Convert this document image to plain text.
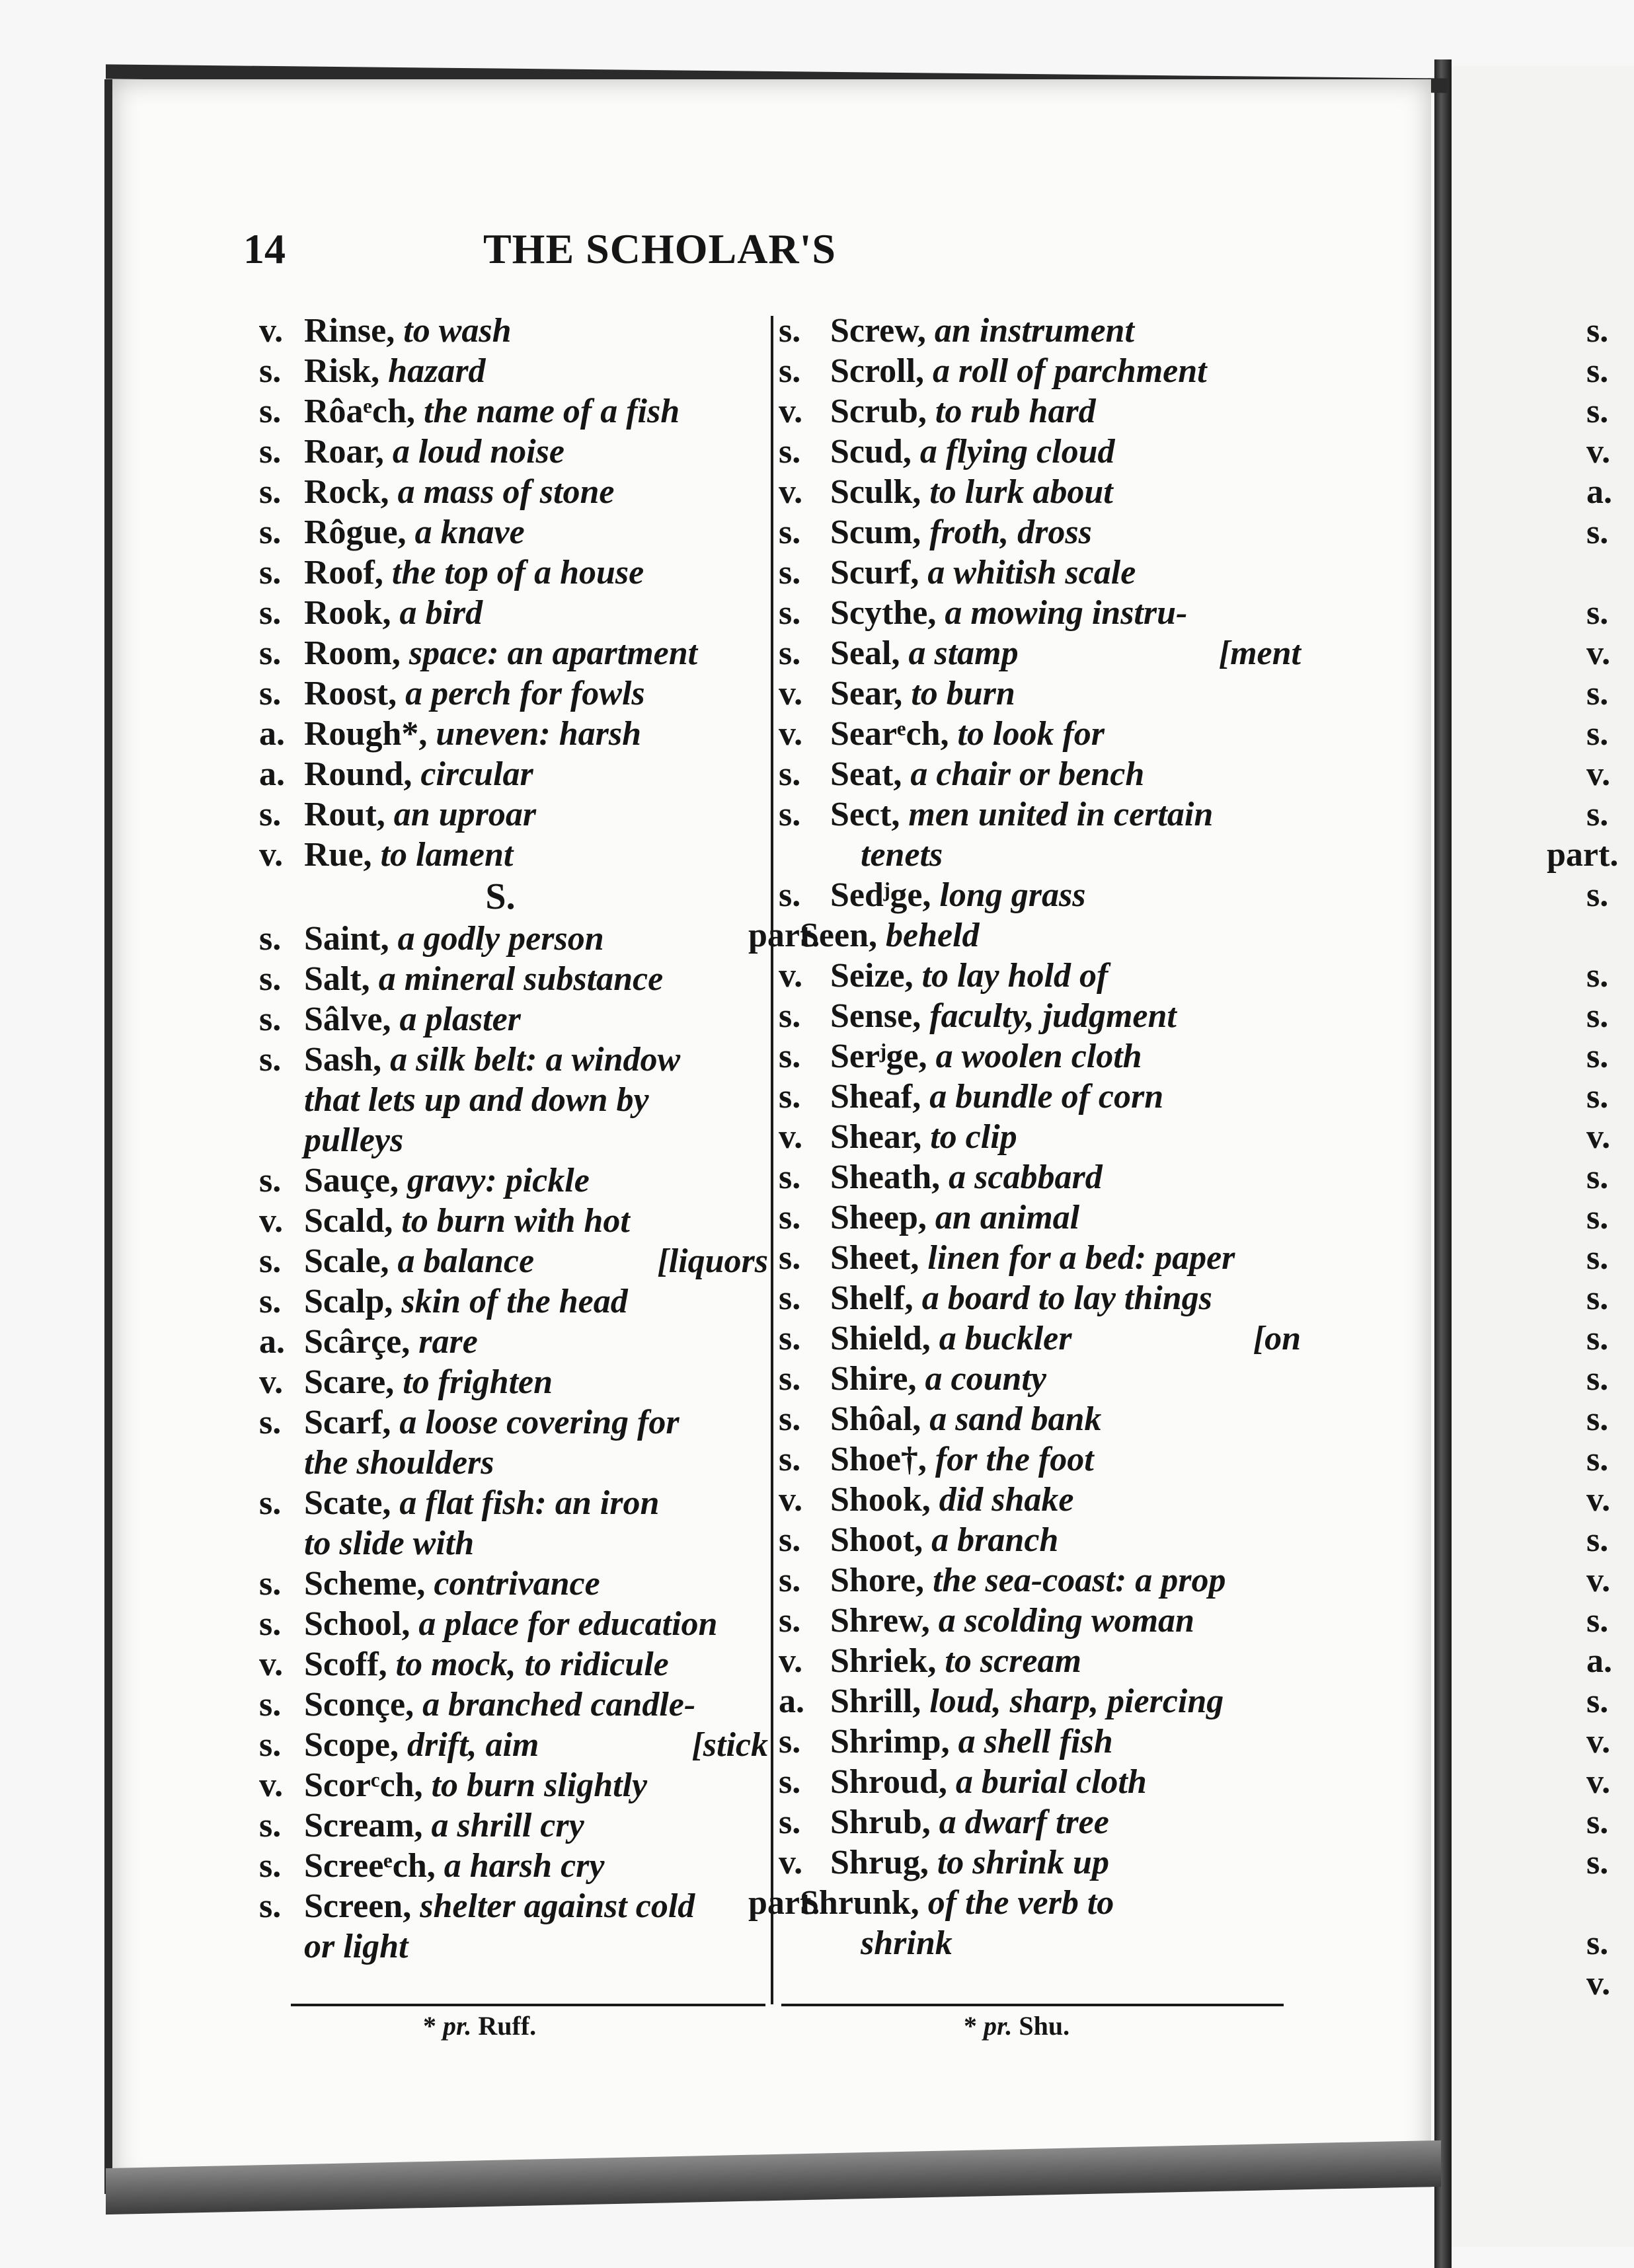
14	THE SCHOLAR'S
v. Rinse,
to wash
s. Risk,
hazard
s. Rôaᵉch,
the name of a fish
s. Roar,
a loud noise
s. Rock,
a mass of stone
s. Rôgue,
a knave
s. Roof,
the top of a house
s. Rook,
a bird
s. Room,
space: an apartment
s. Roost,
a perch for fowls
a. Rough*,
uneven: harsh
a. Round,
circular
s. Rout,
an uproar
v. Rue,
to lament
S.
s. Saint,
a godly person
s. Salt,
a mineral substance
s. Sâlve,
a plaster
s. Sash,
a silk belt: a window
that lets up and down by
pulleys
s. Sauçe,
gravy: pickle
v. Scald,
to burn with hot
s. Scale,
a balance	[liquors
s. Scalp,
skin of the head
a. Scârçe,
rare
v. Scare,
to frighten
s. Scarf,
a loose covering for
the shoulders
s. Scate,
a flat fish: an iron
to slide with
s. Scheme,
contrivance
s. School,
a place for education
v. Scoff,
to mock, to ridicule
s. Sconçe,
a branched candle-
s. Scope,
drift, aim	[stick
v. Scorᶜch,
to burn slightly
s. Scream,
a shrill cry
s. Screeᵉch,
a harsh cry
s. Screen,
shelter against cold
or light
s. Screw,
an instrument
s. Scroll,
a roll of parchment
v. Scrub,
to rub hard
s. Scud,
a flying cloud
v. Sculk,
to lurk about
s. Scum,
froth, dross
s. Scurf,
a whitish scale
s. Scythe,
a mowing instru-
s. Seal,
a stamp	[ment
v. Sear,
to burn
v. Searᵉch,
to look for
s. Seat,
a chair or bench
s. Sect,
men united in certain
tenets
s. Sedʲge,
long grass
part.
Seen,
beheld
v. Seize,
to lay hold of
s. Sense,
faculty, judgment
s. Serʲge,
a woolen cloth
s. Sheaf,
a bundle of corn
v. Shear,
to clip
s. Sheath,
a scabbard
s. Sheep,
an animal
s. Sheet,
linen for a bed: paper
s. Shelf,
a board to lay things
s. Shield,
a buckler	[on
s. Shire,
a county
s. Shôal,
a sand bank
s. Shoe†,
for the foot
v. Shook,
did shake
s. Shoot,
a branch
s. Shore,
the sea-coast: a prop
s. Shrew,
a scolding woman
v. Shriek,
to scream
a. Shrill,
loud, sharp, piercing
s. Shrimp,
a shell fish
s. Shroud,
a burial cloth
s. Shrub,
a dwarf tree
v. Shrug,
to shrink up
part.
Shrunk,
of the verb to
shrink
* pr. Ruff.	* pr. Shu.
s.
s.
s.
v.
a.
s.
s.
v.
s.
s.
v.
s.
part.
s.
s.
s.
s.
s.
v.
s.
s.
s.
s.
s.
s.
s.
s.
v.
s.
v.
s.
a.
s.
v.
v.
s.
s.
s.
v.
